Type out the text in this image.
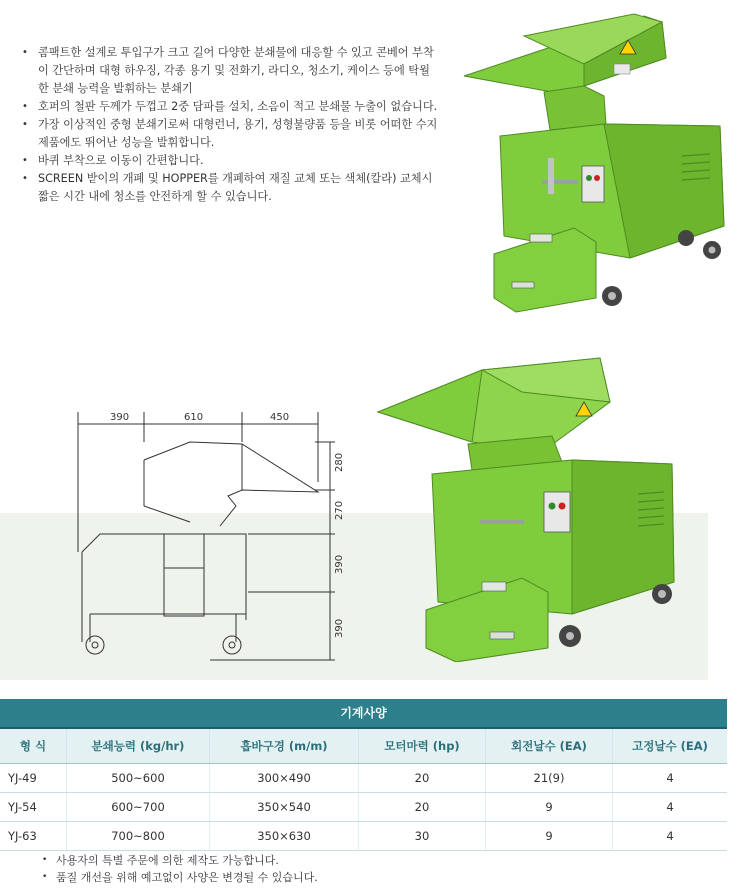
• 콤팩트한 설계로 투입구가 크고 길어 다양한 분쇄물에 대응할 수 있고 콘베어 부착이 간단하며 대형 하우징, 각종 용기 및 전화기, 라디오, 청소기, 케이스 등에 탁월한 분쇄 능력을 발휘하는 분쇄기
• 호퍼의 철판 두께가 두껍고 2중 담파를 설치, 소음이 적고 분쇄물 누출이 없습니다.
• 가장 이상적인 중형 분쇄기로써 대형런너, 용기, 성형불량품 등을 비롯 어떠한 수지 제품에도 뛰어난 성능을 발휘합니다.
• 바퀴 부착으로 이동이 간편합니다.
• SCREEN 받이의 개폐 및 HOPPER를 개폐하여 재질 교체 또는 색체(칼라) 교체시 짧은 시간 내에 청소를 안전하게 할 수 있습니다.
390	610	450
280
270
390
390
기계사양
형 식	분쇄능력 (kg/hr)	흡바구경 (m/m)	모터마력 (hp)	회전날수 (EA)	고정날수 (EA)
YJ-49	500~600	300×490	20	21(9)	4
YJ-54	600~700	350×540	20	9	4
YJ-63	700~800	350×630	30	9	4
• 사용자의 특별 주문에 의한 제작도 가능합니다.
• 품질 개선을 위해 예고없이 사양은 변경될 수 있습니다.
